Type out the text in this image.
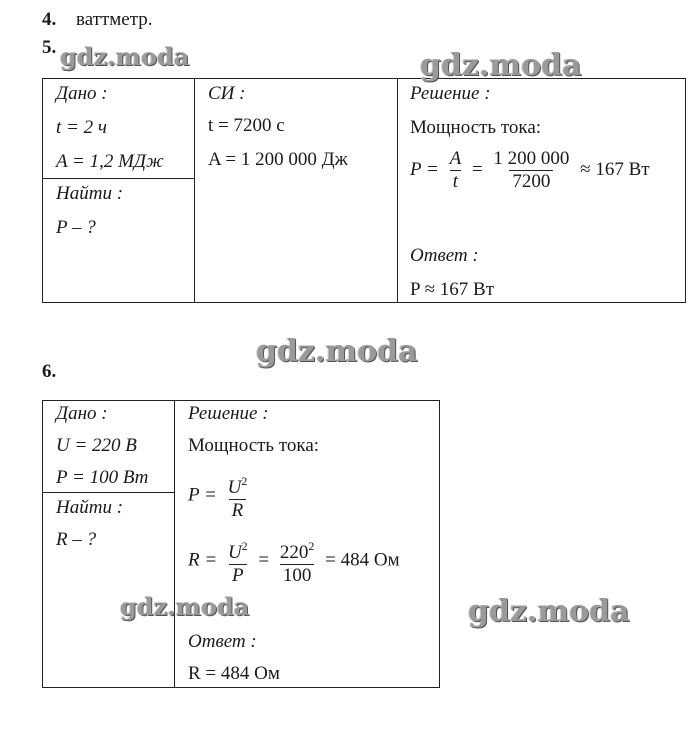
4. ваттметр.
5.
Дано :
t = 2 ч
A = 1,2 МДж
Найти :
P – ?
СИ :
t = 7200 с
A = 1 200 000 Дж
Решение :
Мощность тока:
$P = \frac{A}{t} = \frac{1 200 000}{7200} \approx 167$ Вт
Ответ :
P ≈ 167 Вт
6.
Дано :
U = 220 В
P = 100 Вт
Найти :
R – ?
Решение :
Мощность тока:
$P = \frac{U^2}{R}$
$R = \frac{U^2}{P} = \frac{220^2}{100} = 484$ Ом
Ответ :
R = 484 Ом
gdz.moda	gdz.moda
gdz.moda
gdz.moda	gdz.moda
